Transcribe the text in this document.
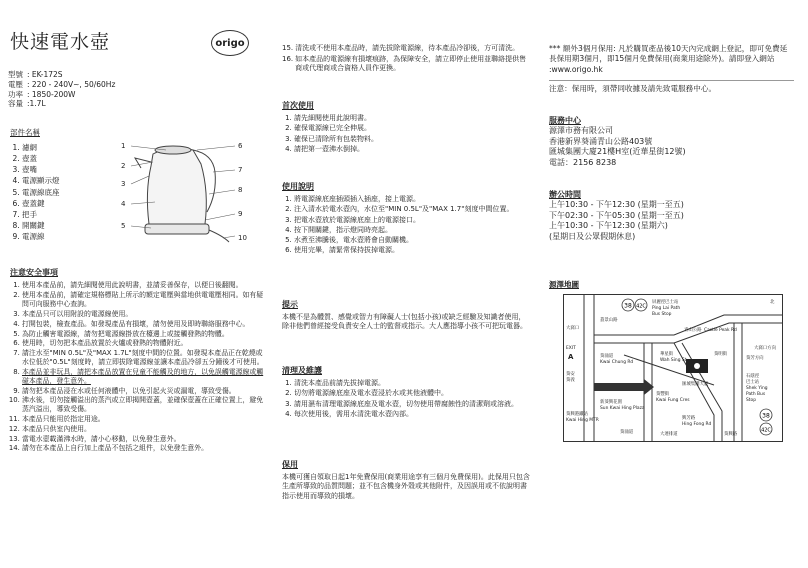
快速電水壺	origo
型號	: EK-172S
電壓	: 220 - 240V~, 50/60Hz
功率	: 1850-200W
容量	:1.7L
部件名稱
1. 濾網
2. 壺蓋
3. 壺嘴
4. 電源顯示燈
5. 電源線底座
6. 壺蓋鍵
7. 把手
8. 開關鍵
9. 電源線
1
2
3
4
5
6
7
8
9
10
注意安全事項
1. 使用本產品前，請先細閱使用此說明書，並請妥善保存，以便日後翻閱。
2. 使用本產品前，請確定規格標貼上所示的額定電壓與當地供電電壓相同。如有疑問可向服務中心查詢。
3. 本產品只可以用附設的電源線使用。
4. 打開包裝，檢查產品。如發現產品有損壞，請勿使用及即時聯絡服務中心。
5. 為防止觸害電源線，請勿把電源線掛放在檯邊上或接觸發熱的物體。
6. 使用時，切勿把本產品放置於火爐或發熱的物體附近。
7. 請注水至"MIN 0.5L"及"MAX 1.7L"刻度中間的位置。如發現本產品正在乾燒或水位低於"0.5L"刻度時，請立即拔除電源線並讓本產品冷卻五分鐘後才可使用。
8. 本產品並非玩具，請把本產品放置在兒童不能觸及的地方，以免誤觸電源線或觸碰本產品，發生意外。
9. 請勿把本產品浸在水或任何液體中，以免引起火災或漏電，導致受傷。
10. 沸水後，切勿接觸溢出的蒸汽或立即揭開壺蓋，並確保壺蓋在正確位置上，避免蒸汽溢出，導致受傷。
11. 本產品只能用於指定用途。
12. 本產品只供室內使用。
13. 當電水壺載滿沸水時，請小心移動，以免發生意外。
14. 請勿在本產品上自行加上產品不包括之組件，以免發生意外。
15. 清洗或不使用本產品時，請先拔除電源線，待本產品冷卻後，方可清洗。
16. 如本產品的電源線有損壞痕跡，為保障安全，請立即停止使用並聯絡提供售商或代理商或合資格人員作更換。
首次使用
1. 請先細閱使用此說明書。
2. 確保電源線已完全伸展。
3. 確保已清除所有包裝物料。
4. 請把第一壺沸水倒掉。
使用說明
1. 將電源線底座插頭插入插座，接上電源。
2. 注入清水於電水壺內，水位至"MIN 0.5L"及"MAX 1.7"刻度中間位置。
3. 把電水壺放於電源線底座上的電源接口。
4. 按下開關鍵，指示燈同時亮起。
5. 水煮至沸騰後，電水壺將會自動關機。
6. 使用完畢，請緊常保持拔掉電源。
提示

本機不是為體質、感覺或智力有障礙人士(包括小孩)或缺乏經驗及知識者使用，除非他們曾經接受負責安全人士的監督或指示。大人應指導小孩不可把玩電器。

清理及維護
1. 清洗本產品前請先拔掉電源。
2. 切勿將電源線底座及電水壺浸於水或其他液體中。
3. 請用濕布清理電源線底座及電水壺，切勿使用帶腐蝕性的清潔劑或溶液。
4. 每次使用後，需用水清洗電水壺內部。
保用

本機可獲自領取日起1年免費保用(商業用途享有三個月免費保用)。此保用只包含生產所導致的品質問題；並不包含機身外殼或其他附件，及因誤用或不依說明書指示使用而導致的損壞。

*** 額外3個月保用: 凡於購買產品後10天內完成網上登記，即可免費延長保用期3個月，即15個月免費保用(商業用途除外)。請即登入網站 :www.origo.hk

注意：保用時，須帶同收據及請先致電服務中心。

服務中心

源澤市務有限公司

香港新界葵涌青山公路403號

匯城集團大廈21樓H室(近華星街12號)

電話：2156 8238

辦公時間

上午10:30 - 下午12:30 (星期一至五)

下午02:30 - 下午05:30 (星期一至五)

上午10:30 - 下午12:30 (星期六)

(星期日及公眾假期休息)

源澤地圖
38 42C
38
42C
屏麗徑巴士站
Ping Lai Path
Bus Stop
石蔭徑
巴士站
Shek Ying
Path Bus
Stop
大窩口
EXIT
A
葵興港鐵站
Kwai Hing MTR
葵涌道
Kwai Chung Rd
新葵興花園
Sun Kwai Hing Plaza
青山公路 Castle Peak Rd
華星街
Wah Sing St
葵豐街
Kwai Fung Cres
興芳路
Hing Fong Rd
葵明街
匯城集團大廈
葵興路
葵安
葵義
北
大窩口方向
葵芳方向
荔景山路
大連排道
葵涌道
